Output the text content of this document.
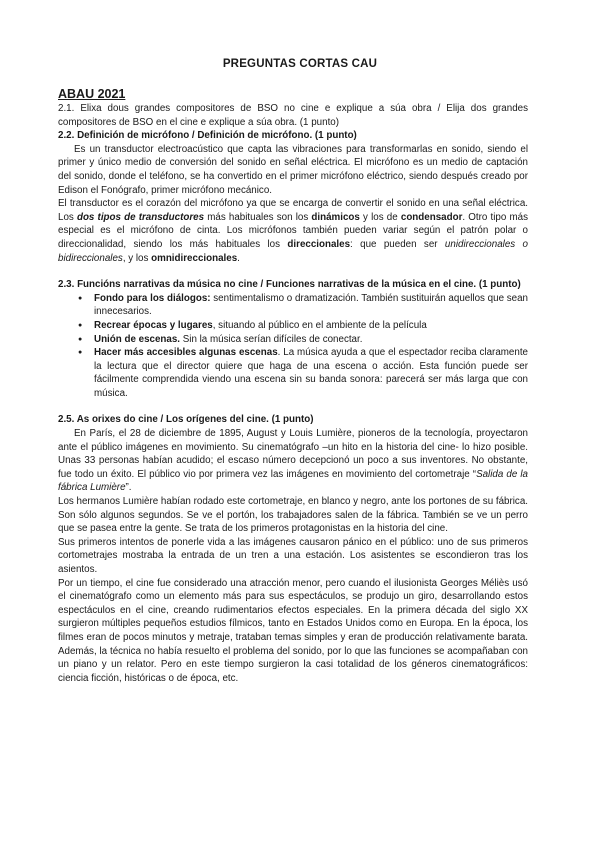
PREGUNTAS CORTAS CAU
ABAU 2021

2.1. Elixa dous grandes compositores de BSO no cine e explique a súa obra / Elija dos grandes compositores de BSO en el cine e explique a súa obra. (1 punto)

2.2. Definición de micrófono / Definición de micrófono. (1 punto)

Es un transductor electroacústico que capta las vibraciones para transformarlas en sonido, siendo el primer y único medio de conversión del sonido en señal eléctrica. El micrófono es un medio de captación del sonido, donde el teléfono, se ha convertido en el primer micrófono eléctrico, siendo después creado por Edison el Fonógrafo, primer micrófono mecánico.

El transductor es el corazón del micrófono ya que se encarga de convertir el sonido en una señal eléctrica. Los dos tipos de transductores más habituales son los dinámicos y los de condensador. Otro tipo más especial es el micrófono de cinta. Los micrófonos también pueden variar según el patrón polar o direccionalidad, siendo los más habituales los direccionales: que pueden ser unidireccionales o bidireccionales, y los omnidireccionales.

2.3. Funcións narrativas da música no cine / Funciones narrativas de la música en el cine. (1 punto)

● Fondo para los diálogos: sentimentalismo o dramatización. También sustituirán aquellos que sean innecesarios.
● Recrear épocas y lugares, situando al público en el ambiente de la película
● Unión de escenas. Sin la música serían difíciles de conectar.
● Hacer más accesibles algunas escenas. La música ayuda a que el espectador reciba claramente la lectura que el director quiere que haga de una escena o acción. Esta función puede ser fácilmente comprendida viendo una escena sin su banda sonora: parecerá ser más larga que con música.

2.5. As orixes do cine / Los orígenes del cine. (1 punto)

En París, el 28 de diciembre de 1895, August y Louis Lumière, pioneros de la tecnología, proyectaron ante el público imágenes en movimiento. Su cinematógrafo –un hito en la historia del cine- lo hizo posible. Unas 33 personas habían acudido; el escaso número decepcionó un poco a sus inventores. No obstante, fue todo un éxito. El público vio por primera vez las imágenes en movimiento del cortometraje “Salida de la fábrica Lumière”.

Los hermanos Lumière habían rodado este cortometraje, en blanco y negro, ante los portones de su fábrica. Son sólo algunos segundos. Se ve el portón, los trabajadores salen de la fábrica. También se ve un perro que se pasea entre la gente. Se trata de los primeros protagonistas en la historia del cine.

Sus primeros intentos de ponerle vida a las imágenes causaron pánico en el público: uno de sus primeros cortometrajes mostraba la entrada de un tren a una estación. Los asistentes se escondieron tras los asientos.

Por un tiempo, el cine fue considerado una atracción menor, pero cuando el ilusionista Georges Méliès usó el cinematógrafo como un elemento más para sus espectáculos, se produjo un giro, desarrollando estos espectáculos en el cine, creando rudimentarios efectos especiales. En la primera década del siglo XX surgieron múltiples pequeños estudios fílmicos, tanto en Estados Unidos como en Europa. En la época, los filmes eran de pocos minutos y metraje, trataban temas simples y eran de producción relativamente barata. Además, la técnica no había resuelto el problema del sonido, por lo que las funciones se acompañaban con un piano y un relator. Pero en este tiempo surgieron la casi totalidad de los géneros cinematográficos: ciencia ficción, históricas o de época, etc.
